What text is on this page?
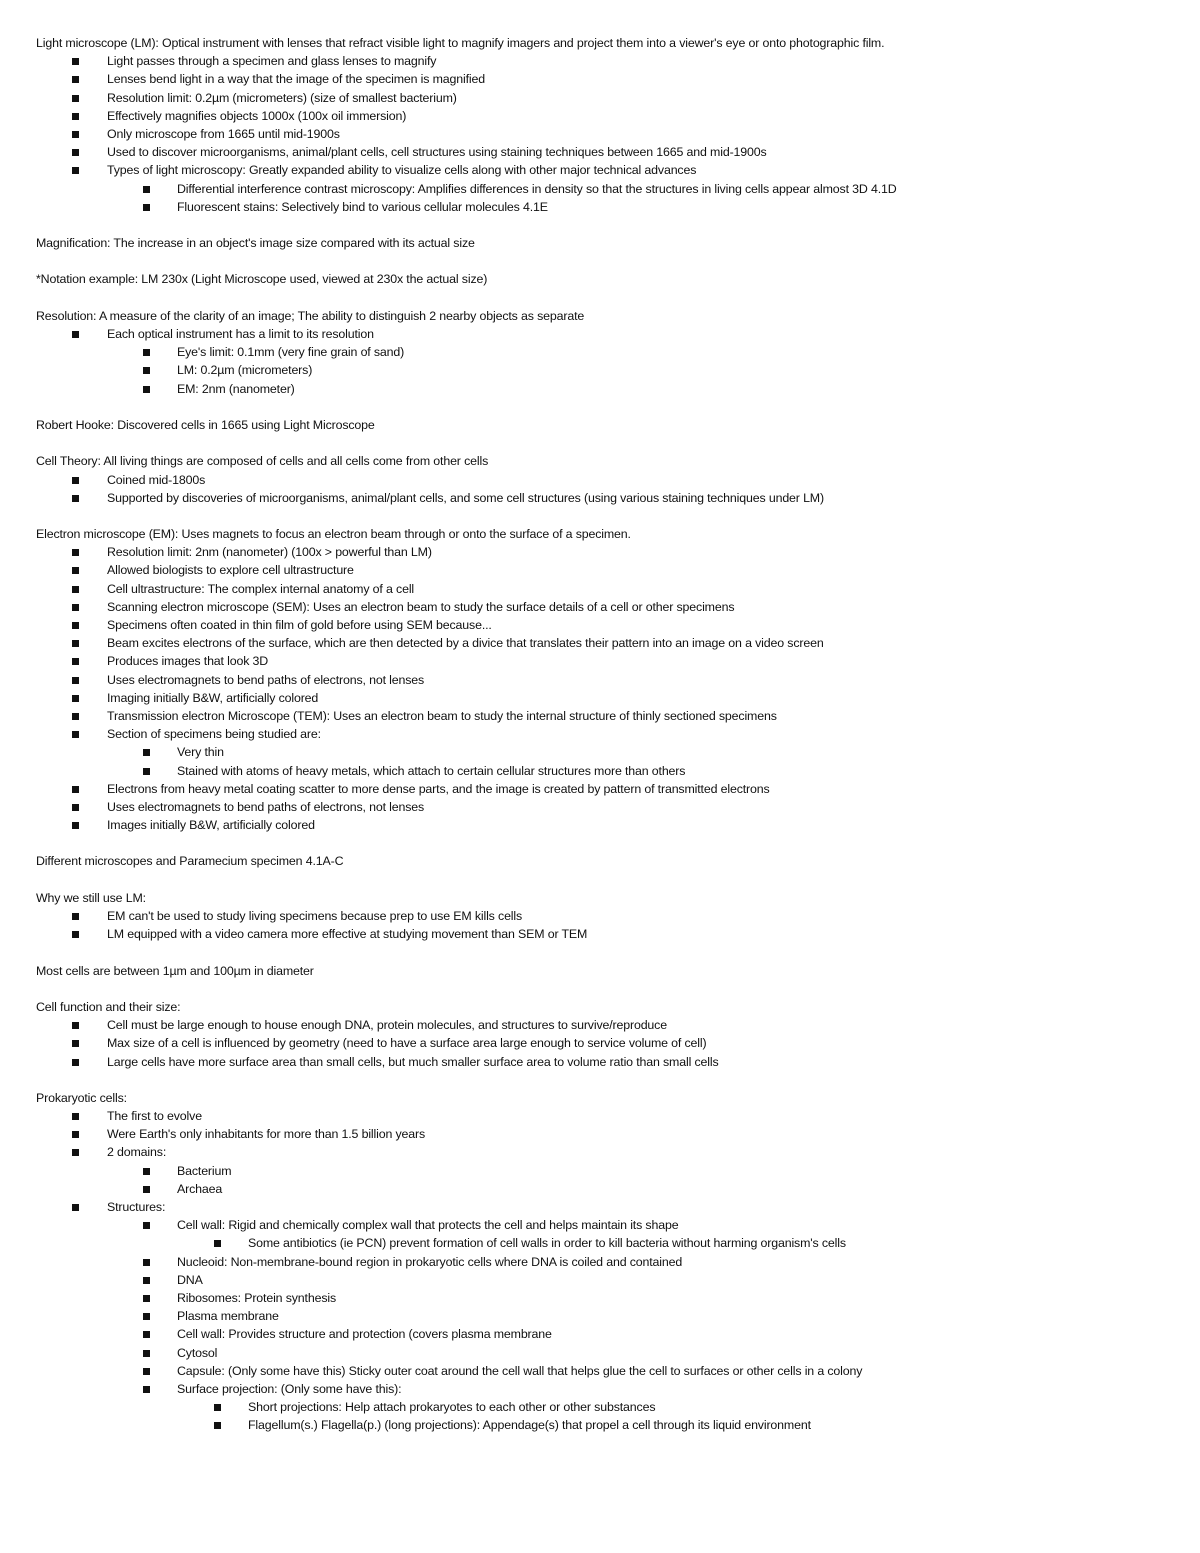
Light microscope (LM): Optical instrument with lenses that refract visible light to magnify imagers and project them into a viewer's eye or onto photographic film.
Light passes through a specimen and glass lenses to magnify
Lenses bend light in a way that the image of the specimen is magnified
Resolution limit: 0.2µm (micrometers) (size of smallest bacterium)
Effectively magnifies objects 1000x (100x oil immersion)
Only microscope from 1665 until mid-1900s
Used to discover microorganisms, animal/plant cells, cell structures using staining techniques between 1665 and mid-1900s
Types of light microscopy: Greatly expanded ability to visualize cells along with other major technical advances
Differential interference contrast microscopy: Amplifies differences in density so that the structures in living cells appear almost 3D 4.1D
Fluorescent stains: Selectively bind to various cellular molecules 4.1E
Magnification: The increase in an object's image size compared with its actual size
*Notation example: LM 230x (Light Microscope used, viewed at 230x the actual size)
Resolution: A measure of the clarity of an image; The ability to distinguish 2 nearby objects as separate
Each optical instrument has a limit to its resolution
Eye's limit: 0.1mm (very fine grain of sand)
LM: 0.2µm (micrometers)
EM: 2nm (nanometer)
Robert Hooke: Discovered cells in 1665 using Light Microscope
Cell Theory: All living things are composed of cells and all cells come from other cells
Coined mid-1800s
Supported by discoveries of microorganisms, animal/plant cells, and some cell structures (using various staining techniques under LM)
Electron microscope (EM): Uses magnets to focus an electron beam through or onto the surface of a specimen.
Resolution limit: 2nm (nanometer) (100x > powerful than LM)
Allowed biologists to explore cell ultrastructure
Cell ultrastructure: The complex internal anatomy of a cell
Scanning electron microscope (SEM): Uses an electron beam to study the surface details of a cell or other specimens
Specimens often coated in thin film of gold before using SEM because...
Beam excites electrons of the surface, which are then detected by a divice that translates their pattern into an image on a video screen
Produces images that look 3D
Uses electromagnets to bend paths of electrons, not lenses
Imaging initially B&W, artificially colored
Transmission electron Microscope (TEM): Uses an electron beam to study the internal structure of thinly sectioned specimens
Section of specimens being studied are:
Very thin
Stained with atoms of heavy metals, which attach to certain cellular structures more than others
Electrons from heavy metal coating scatter to more dense parts, and the image is created by pattern of transmitted electrons
Uses electromagnets to bend paths of electrons, not lenses
Images initially B&W, artificially colored
Different microscopes and Paramecium specimen 4.1A-C
Why we still use LM:
EM can't be used to study living specimens because prep to use EM kills cells
LM equipped with a video camera more effective at studying movement than SEM or TEM
Most cells are between 1µm and 100µm in diameter
Cell function and their size:
Cell must be large enough to house enough DNA, protein molecules, and structures to survive/reproduce
Max size of a cell is influenced by geometry (need to have a surface area large enough to service volume of cell)
Large cells have more surface area than small cells, but much smaller surface area to volume ratio than small cells
Prokaryotic cells:
The first to evolve
Were Earth's only inhabitants for more than 1.5 billion years
2 domains:
Bacterium
Archaea
Structures:
Cell wall: Rigid and chemically complex wall that protects the cell and helps maintain its shape
Some antibiotics (ie PCN) prevent formation of cell walls in order to kill bacteria without harming organism's cells
Nucleoid: Non-membrane-bound region in prokaryotic cells where DNA is coiled and contained
DNA
Ribosomes: Protein synthesis
Plasma membrane
Cell wall: Provides structure and protection (covers plasma membrane
Cytosol
Capsule: (Only some have this) Sticky outer coat around the cell wall that helps glue the cell to surfaces or other cells in a colony
Surface projection: (Only some have this):
Short projections: Help attach prokaryotes to each other or other substances
Flagellum(s.) Flagella(p.) (long projections): Appendage(s) that propel a cell through its liquid environment
